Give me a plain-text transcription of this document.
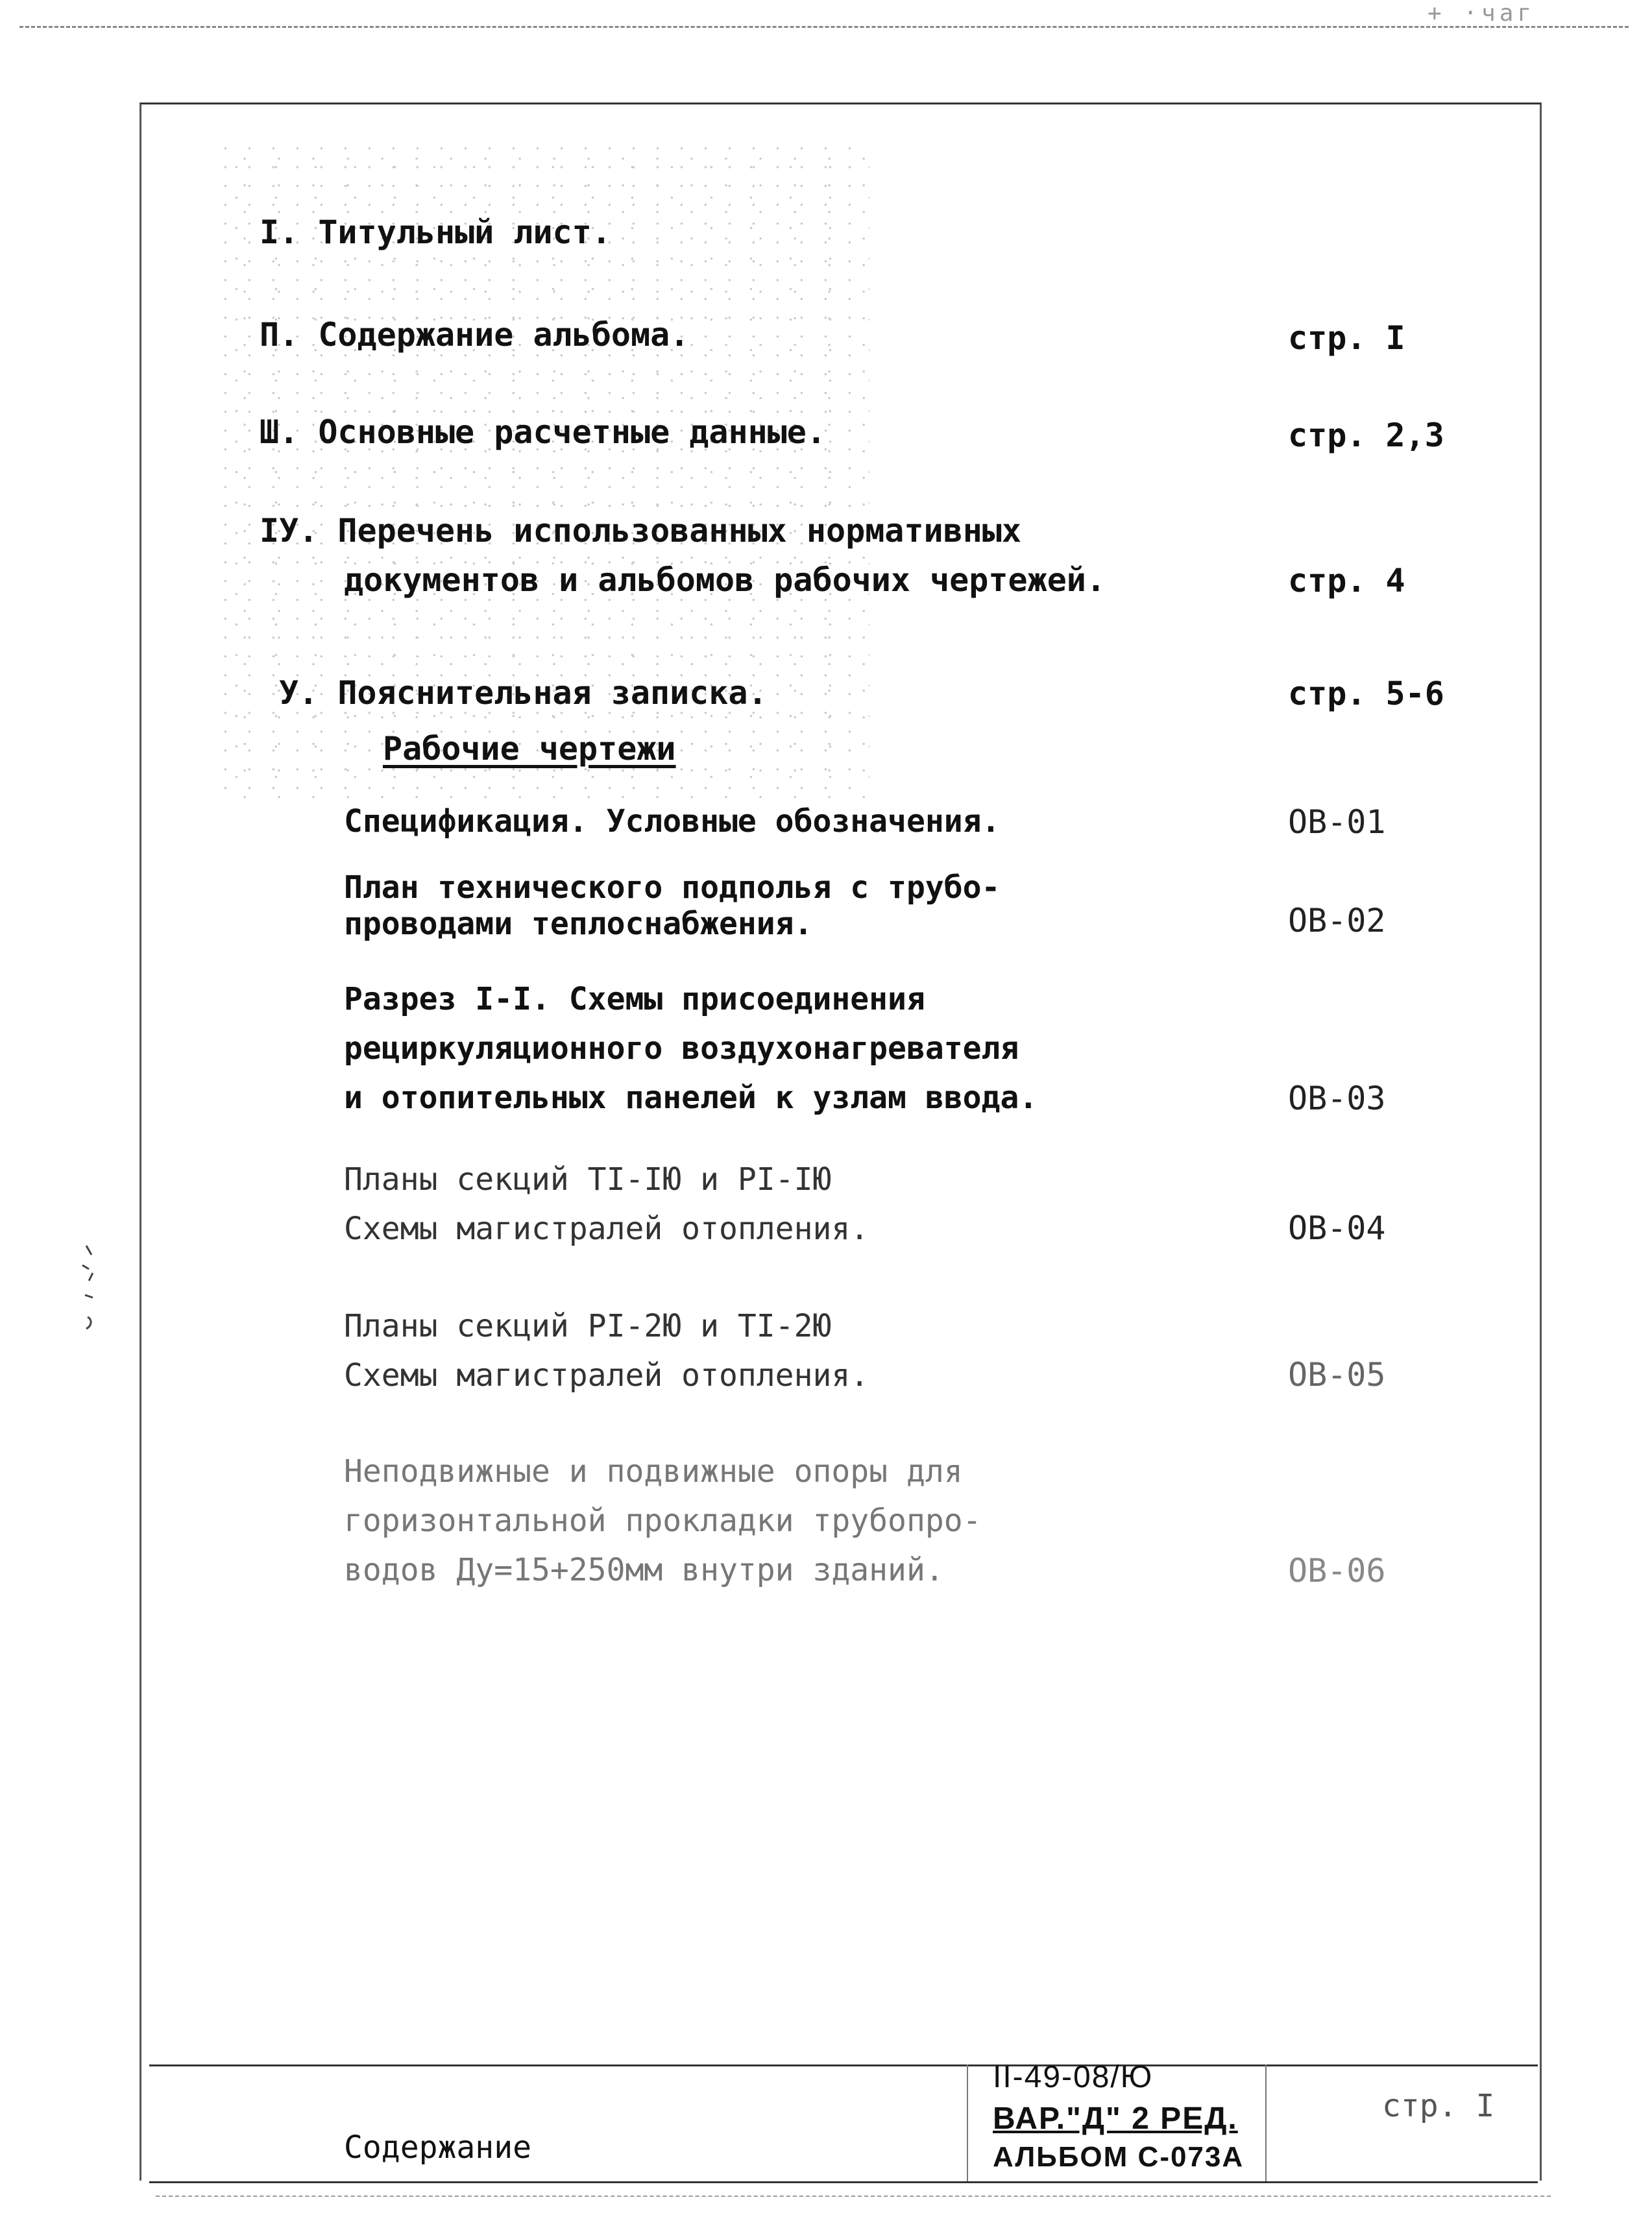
+ ·чаг
I. Титульный лист.
П. Содержание альбома.	стр. I
Ш. Основные расчетные данные.	стр. 2,3
IУ. Перечень использованных нормативных
документов и альбомов рабочих чертежей.	стр. 4
У. Пояснительная записка.	стр. 5-6
Рабочие чертежи
Спецификация. Условные обозначения.	ОВ-01
План технического подполья с трубо-
проводами теплоснабжения.	ОВ-02
Разрез I-I. Схемы присоединения
рециркуляционного воздухонагревателя
и отопительных панелей к узлам ввода.	ОВ-03
Планы секций TI-IЮ и PI-IЮ
Схемы магистралей отопления.	ОВ-04
Планы секций PI-2Ю и TI-2Ю
Схемы магистралей отопления.	ОВ-05
Неподвижные и подвижные опоры для
горизонтальной прокладки трубопро-
водов Ду=15+250мм внутри зданий.	ОВ-06

Содержание
II-49-08/Ю
ВАР."Д" 2 РЕД.
АЛЬБОМ С-073А
стр. I
